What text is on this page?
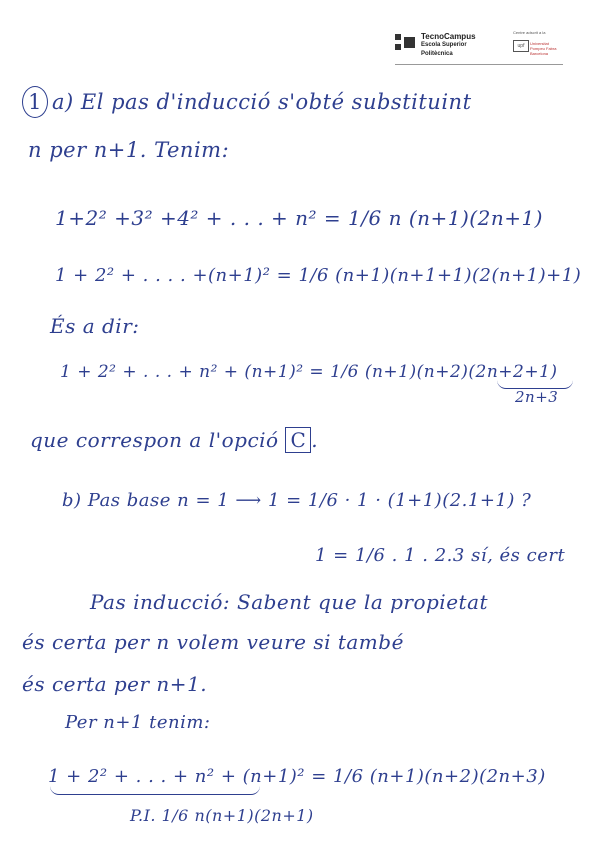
TecnoCampus
Escola Superior
Politècnica
Centre adscrit a la
upf	Universitat
Pompeu Fabra
Barcelona
1 a) El pas d'inducció s'obté substituint
n per n+1. Tenim:
1+2² +3² +4² + . . . + n² = 1/6 n (n+1)(2n+1)
1 + 2² + . . . . +(n+1)² = 1/6 (n+1)(n+1+1)(2(n+1)+1)
És a dir:
1 + 2² + . . . + n² + (n+1)² = 1/6 (n+1)(n+2)(2n+2+1)
2n+3
que correspon a l'opció C .
b) Pas base n = 1 ⟶ 1 = 1/6 · 1 · (1+1)(2.1+1) ?
1 = 1/6 . 1 . 2.3 sí, és cert
Pas inducció: Sabent que la propietat
és certa per n volem veure si també
és certa per n+1.
Per n+1 tenim:
1 + 2² + . . . + n² + (n+1)² = 1/6 (n+1)(n+2)(2n+3)
P.I. 1/6 n(n+1)(2n+1)
